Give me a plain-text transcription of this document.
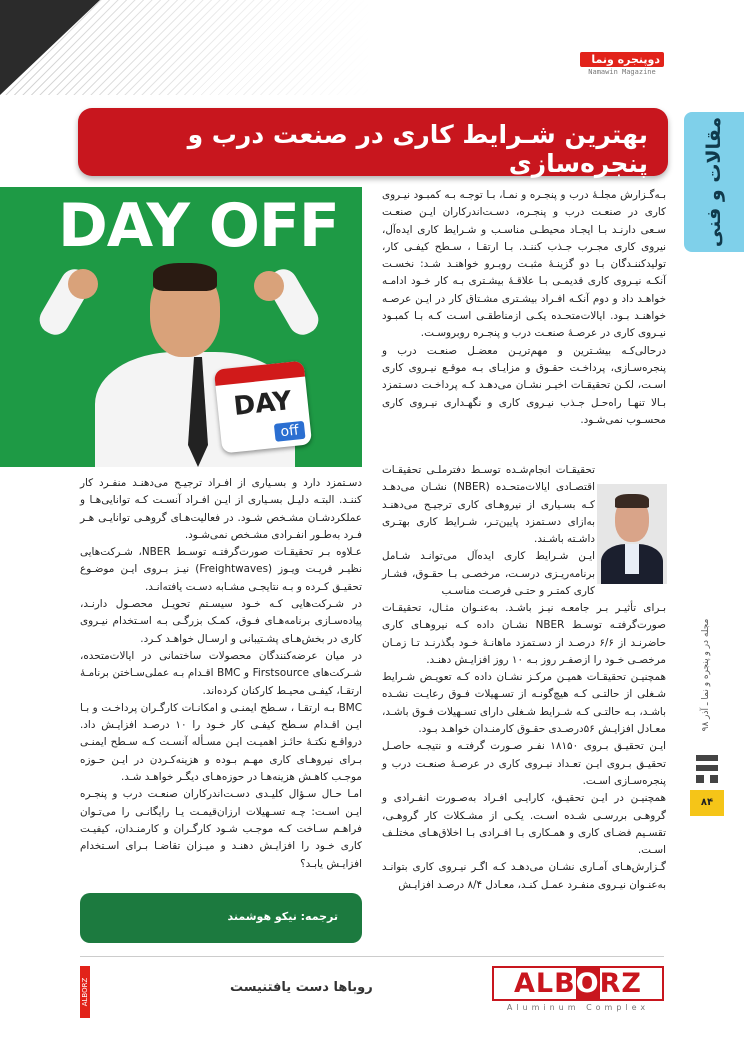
دوپنجره ونما
Namawin Magazine
مقالات و فنی
بهترین شـرایط کاری در صنعت درب و پنجره‌سازی
DAY OFF
DAY
off

بـه‌گـزارش مجلـۀ درب و پنجـره و نمـا، بـا توجـه بـه کمبـود نیـروی کاری در صنعـت درب و پنجـره، دسـت‌اندرکاران ایـن صنعـت سـعی دارنـد بـا ایجـاد محیطـی مناسـب و شـرایط کاری ایده‌آل، نیروی کاری مجـرب جـذب کننـد. بـا ارتقـا ، سـطح کیفـی کار، تولیدکننـدگان بـا دو گزینـۀ مثبـت روبـرو خواهنـد شـد: نخسـت آنکـه نیـروی کاری قدیمـی بـا علاقـۀ بیشـتری بـه کار خـود ادامـه خواهـد داد و دوم آنکـه افـراد بیشـتری مشـتاق کار در ایـن عرصـه خواهنـد بـود. ایالات‌متحـده یکـی ازمناطقـی اسـت کـه بـا کمبـود نیـروی کاری در عرصـۀ صنعـت درب و پنجـره روبروسـت.

درحالی‌کـه بیشـترین و مهم‌تریـن معضـل صنعـت درب و پنجره‌سـازی، پرداخـت حقـوق و مزایـای بـه موقـع نیـروی کاری اسـت، لکـن تحقیقـات اخیـر نشـان می‌دهـد کـه پرداخـت دسـتمزد بـالا تنهـا راه‌حـل جـذب نیـروی کاری و نگهـداری نیـروی کاری محسـوب نمی‌شـود.

تحقیقـات انجام‌شـده توسـط دفترملـی تحقیقـات اقتصـادی ایالات‌متحـده (NBER) نشـان می‌دهـد کـه بسـیاری از نیروهـای کاری ترجیـح می‌دهنـد به‌ازای دسـتمزد پایین‌تـر، شـرایط کاری بهتـری داشـته باشـند.

ایـن شـرایط کاری ایده‌آل می‌توانـد شـامل برنامه‌ریـزی درسـت، مرخصـی بـا حقـوق، فشـار کاری کمتـر و حتـی فرصـت مناسـب

بـرای تأثیـر بـر جامعـه نیـز باشـد. به‌عنـوان مثـال، تحقیقـات صورت‌گرفتـه توسـط NBER نشـان داده کـه نیروهـای کاری حاضرنـد از ۶/۶ درصـد از دسـتمزد ماهانـۀ خـود بگذرنـد تـا زمـان مرخصـی خـود را ازصفـر روز بـه ۱۰ روز افزایـش دهنـد.

همچنیـن تحقیقـات همیـن مرکـز نشـان داده کـه تعویـض شـرایط شـغلی از حالتـی کـه هیچ‌گونـه از تسـهیلات فـوق رعایـت نشـده باشـد، بـه حالتـی کـه شـرایط شـغلی دارای تسـهیلات فـوق باشـد، معـادل افزایـش ۵۶درصـدی حقـوق کارمنـدان خواهـد بـود.

ایـن تحقیـق بـروی ۱۸۱۵۰ نفـر صـورت گرفتـه و نتیجـه حاصـل تحقیـق بـروی ایـن تعـداد نیـروی کاری در عرصـۀ صنعـت درب و پنجره‌سـازی اسـت.

همچنیـن در ایـن تحقیـق، کارایـی افـراد به‌صـورت انفـرادی و گروهـی بررسـی شـده اسـت. یکـی از مشـکلات کار گروهـی، تقسـیم فضـای کاری و همـکاری بـا افـرادی بـا اخلاق‌هـای مختلـف اسـت.

گـزارش‌هـای آمـاری نشـان می‌دهـد کـه اگـر نیـروی کاری بتوانـد به‌عنـوان نیـروی منفـرد عمـل کنـد، معـادل ۸/۴ درصـد افزایـش

دسـتمزد دارد و بسـیاری از افـراد ترجیـح می‌دهنـد منفـرد کار کننـد. البتـه دلیـل بسـیاری از ایـن افـراد آنسـت کـه توانایی‌هـا و عملکردشـان مشـخص شـود. در فعالیت‌هـای گروهـی توانایـی هـر فـرد به‌طـور انفـرادی مشـخص نمی‌شـود.

عـلاوه بـر تحقیقـات صورت‌گرفتـه توسـط NBER، شـرکت‌هایی نظیـر فریـت ویـوز (Freightwaves) نیـز بـروی ایـن موضـوع تحقیـق کـرده و بـه نتایجـی مشـابه دسـت یافته‌انـد.

در شـرکت‌هایی کـه خـود سیسـتم تحویـل محصـول دارنـد، پیاده‌سـازی برنامه‌هـای فـوق، کمـک بزرگـی بـه اسـتخدام نیـروی کاری در بخش‌هـای پشـتیبانی و ارسـال خواهـد کـرد.

در میان عرضه‌کنندگان محصولات ساختمانی در ایالات‌متحده، شـرکت‌های Firstsource و BMC اقـدام بـه عملی‌سـاختن برنامـۀ ارتقـا، کیفـی محیـط کارکنان کرده‌اند.

BMC بـه ارتقـا ، سـطح ایمنـی و امکانـات کارگـران پرداخـت و بـا ایـن اقـدام سـطح کیفـی کار خـود را ۱۰ درصـد افزایـش داد. درواقـع نکتـۀ حائـز اهمیـت ایـن مسـأله آنسـت کـه سـطح ایمنـی بـرای نیروهـای کاری مهـم بـوده و هزینه‌کـردن در ایـن حـوزه موجـب کاهـش هزینه‌هـا در حوزه‌هـای دیگـر خواهـد شـد.

امـا حـال سـؤال کلیـدی دسـت‌اندرکاران صنعـت درب و پنجـره ایـن اسـت: چـه تسـهیلات ارزان‌قیمـت یـا رایگانـی را می‌تـوان فراهـم سـاخت کـه موجـب شـود کارگـران و کارمنـدان، کیفیـت کاری خـود را افزایـش دهنـد و میـزان تقاضـا بـرای اسـتخدام افزایـش یابـد؟

ترجمه: نیکو هوشمند
مجله در و پنجره و نما ـ آذر ۹۸
۸۴
ALBORZ	روباها دست یافتنیست	ALBORZ
Aluminum Complex
